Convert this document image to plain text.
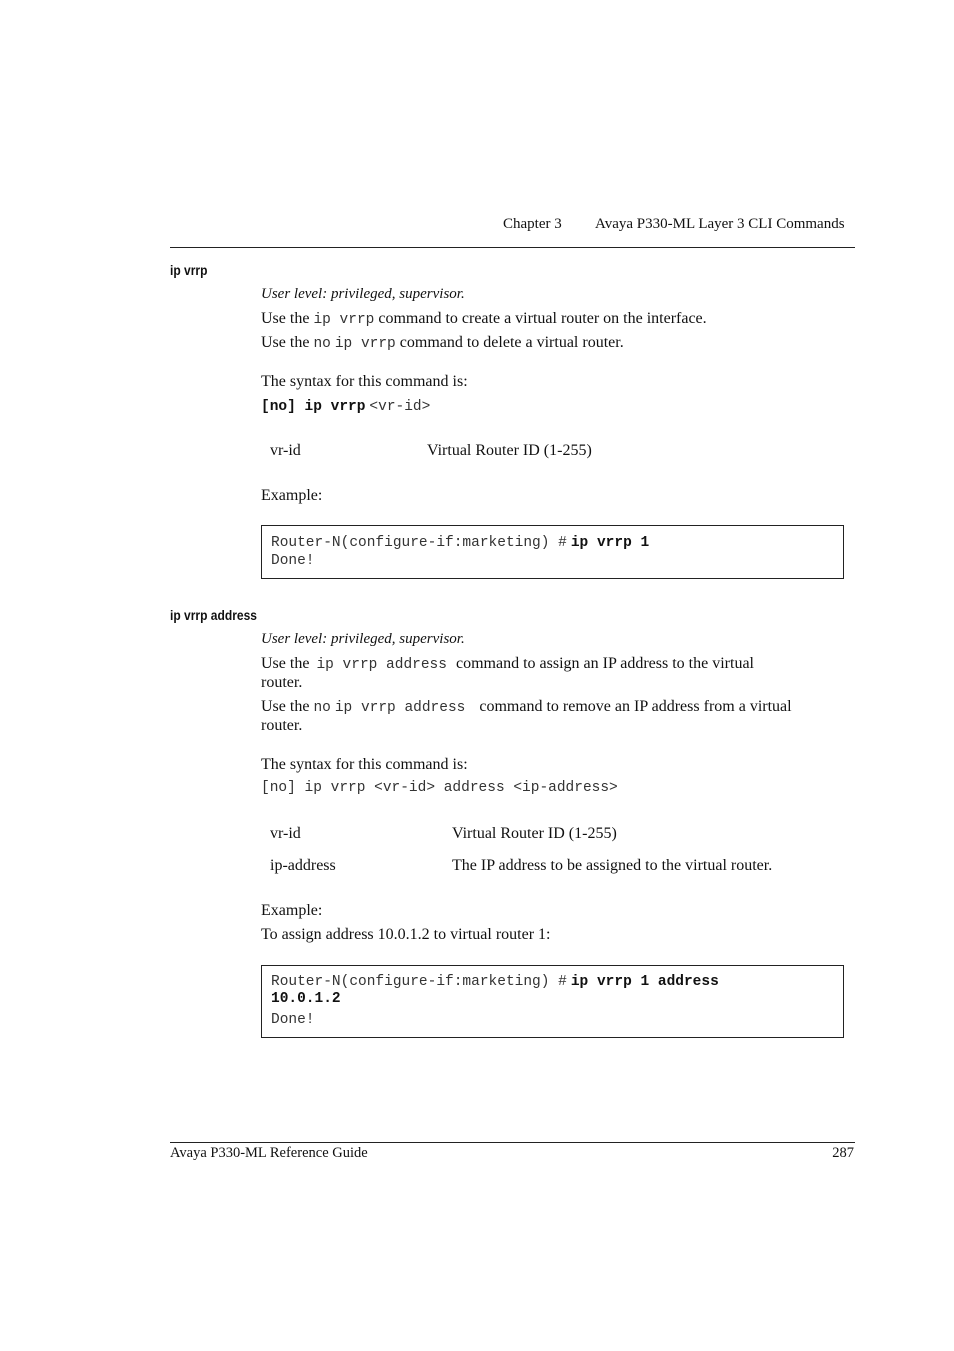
Chapter 3 Avaya P330-ML Layer 3 CLI Commands
ip vrrp
User level: privileged, supervisor.
Use the ip vrrp command to create a virtual router on the interface.
Use the no ip vrrp command to delete a virtual router.
The syntax for this command is:
[no] ip vrrp <vr-id>
vr-id	Virtual Router ID (1-255)
Example:
Router-N(configure-if:marketing) # ip vrrp 1
Done!
ip vrrp address
User level: privileged, supervisor.
Use the ip vrrp address command to assign an IP address to the virtual
router.
Use the no ip vrrp address command to remove an IP address from a virtual
router.
The syntax for this command is:
[no] ip vrrp <vr-id> address <ip-address>
vr-id	Virtual Router ID (1-255)
ip-address	The IP address to be assigned to the virtual router.
Example:
To assign address 10.0.1.2 to virtual router 1:
Router-N(configure-if:marketing) # ip vrrp 1 address
10.0.1.2
Done!
Avaya P330-ML Reference Guide	287
